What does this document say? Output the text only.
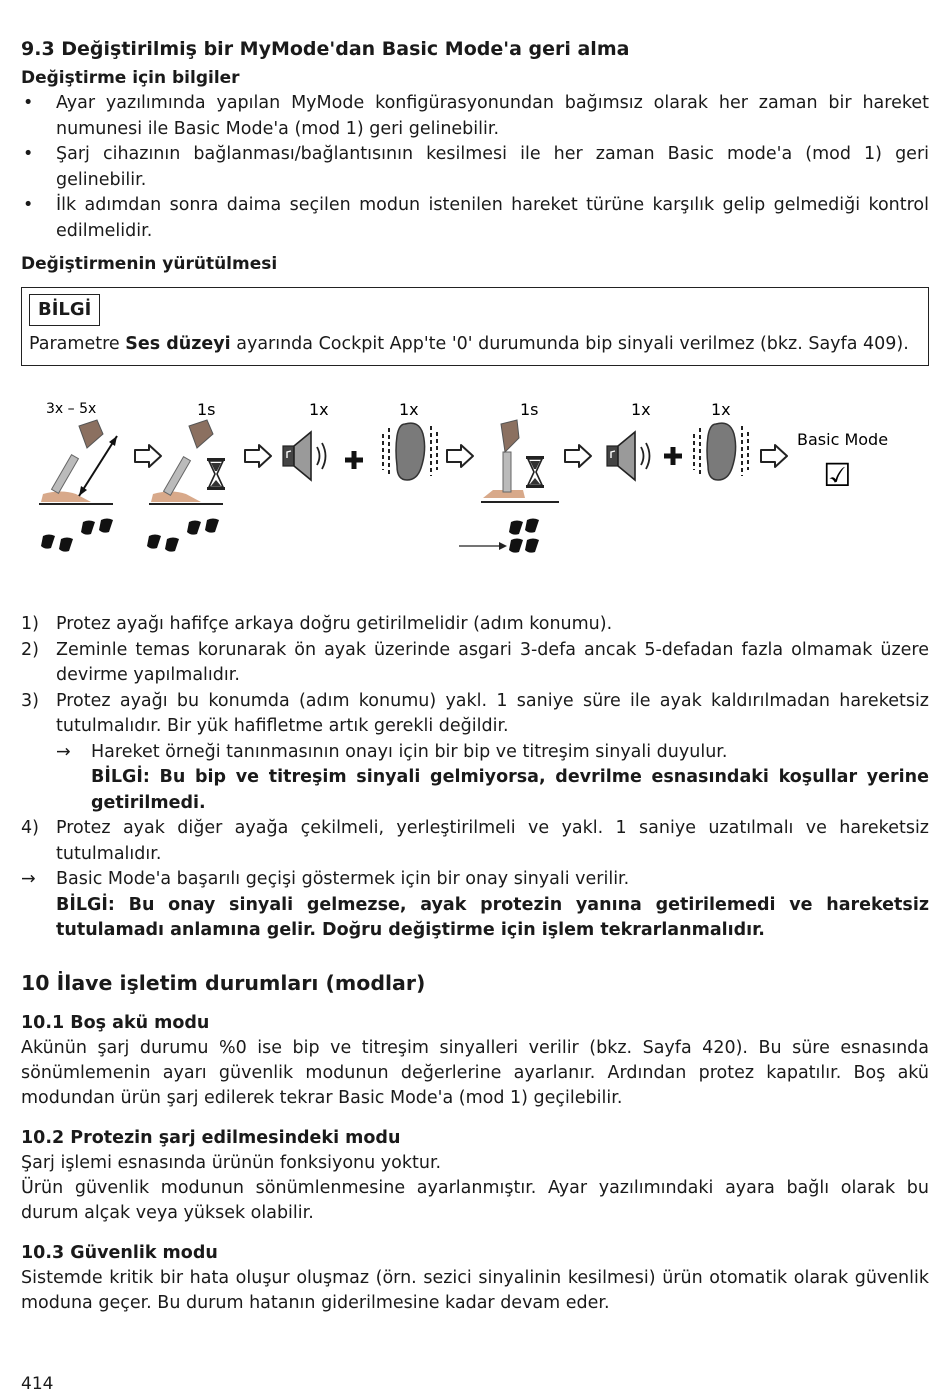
9.3 Değiştirilmiş bir MyMode'dan Basic Mode'a geri alma
Değiştirme için bilgiler
• Ayar yazılımında yapılan MyMode konfigürasyonundan bağımsız olarak her zaman bir hareket numunesi ile Basic Mode'a (mod 1) geri gelinebilir.
• Şarj cihazının bağlanması/bağlantısının kesilmesi ile her zaman Basic mode'a (mod 1) geri gelinebilir.
• İlk adımdan sonra daima seçilen modun istenilen hareket türüne karşılık gelip gelmediği kontrol edilmelidir.
Değiştirmenin yürütülmesi
BİLGİ

Parametre Ses düzeyi ayarında Cockpit App'te '0' durumunda bip sinyali verilmez (bkz. Sayfa 409).

3x – 5x	1s	1x	1x	1s	1x	1x
Basic Mode
☑
1) Protez ayağı hafifçe arkaya doğru getirilmelidir (adım konumu).
2) Zeminle temas korunarak ön ayak üzerinde asgari 3-defa ancak 5-defadan fazla olmamak üzere devirme yapılmalıdır.
3) Protez ayağı bu konumda (adım konumu) yakl. 1 saniye süre ile ayak kaldırılmadan hareketsiz tutulmalıdır. Bir yük hafifletme artık gerekli değildir.
→ Hareket örneği tanınmasının onayı için bir bip ve titreşim sinyali duyulur.
BİLGİ: Bu bip ve titreşim sinyali gelmiyorsa, devrilme esnasındaki koşullar yerine getirilmedi.
4) Protez ayak diğer ayağa çekilmeli, yerleştirilmeli ve yakl. 1 saniye uzatılmalı ve hareketsiz tutulmalıdır.
→ Basic Mode'a başarılı geçişi göstermek için bir onay sinyali verilir.
BİLGİ: Bu onay sinyali gelmezse, ayak protezin yanına getirilemedi ve hareketsiz tutulamadı anlamına gelir. Doğru değiştirme için işlem tekrarlanmalıdır.
10 İlave işletim durumları (modlar)
10.1 Boş akü modu

Akünün şarj durumu %0 ise bip ve titreşim sinyalleri verilir (bkz. Sayfa 420). Bu süre esnasında sönümlemenin ayarı güvenlik modunun değerlerine ayarlanır. Ardından protez kapatılır. Boş akü modundan ürün şarj edilerek tekrar Basic Mode'a (mod 1) geçilebilir.

10.2 Protezin şarj edilmesindeki modu

Şarj işlemi esnasında ürünün fonksiyonu yoktur.

Ürün güvenlik modunun sönümlenmesine ayarlanmıştır. Ayar yazılımındaki ayara bağlı olarak bu durum alçak veya yüksek olabilir.

10.3 Güvenlik modu

Sistemde kritik bir hata oluşur oluşmaz (örn. sezici sinyalinin kesilmesi) ürün otomatik olarak güvenlik moduna geçer. Bu durum hatanın giderilmesine kadar devam eder.

414
